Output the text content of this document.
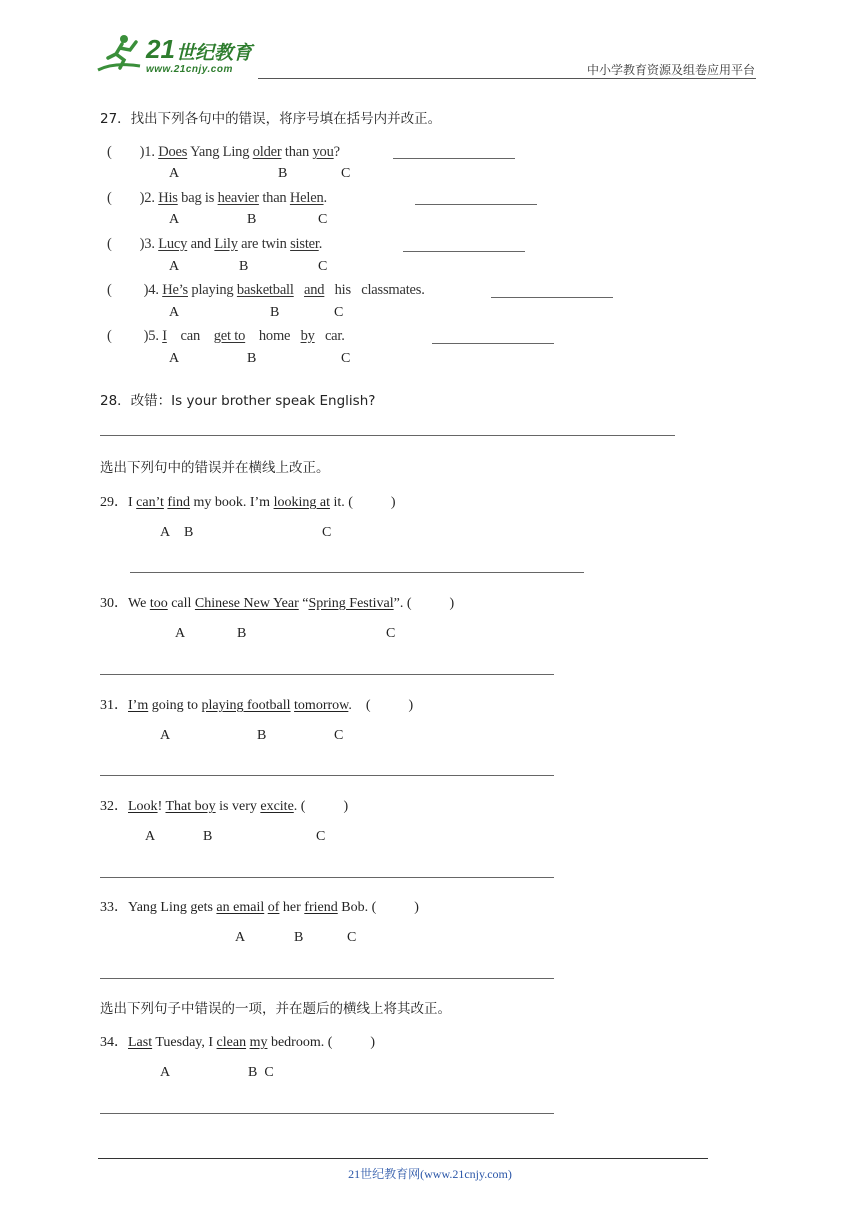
21 世纪教育
www.21cnjy.com	中小学教育资源及组卷应用平台
27．找出下列各句中的错误，将序号填在括号内并改正。
( )1. Does Yang Ling older than you?
A	B	C
( )2. His bag is heavier than Helen.
A	B	C
( )3. Lucy and Lily are twin sister.
A	B	C
( )4. He’s playing basketball and   his   classmates.
A	B	C
( )5. I    can    get to    home   by   car.
A	B	C
28．改错：Is your brother speak English?
选出下列句中的错误并在横线上改正。
29．I can’t find my book. I’m looking at it. (	)
A B	C
30．We too call Chinese New Year “Spring Festival”. (	)
A	B	C
31．I’m going to playing football tomorrow.    (	)
A	B	C
32．Look! That boy is very excite. (	)
A	B	C
33．Yang Ling gets an email of her friend Bob. (	)
A	B	C
选出下列句子中错误的一项，并在题后的横线上将其改正。
34．Last Tuesday, I clean my bedroom. (	)
A	B  C
21世纪教育网(www.21cnjy.com)
